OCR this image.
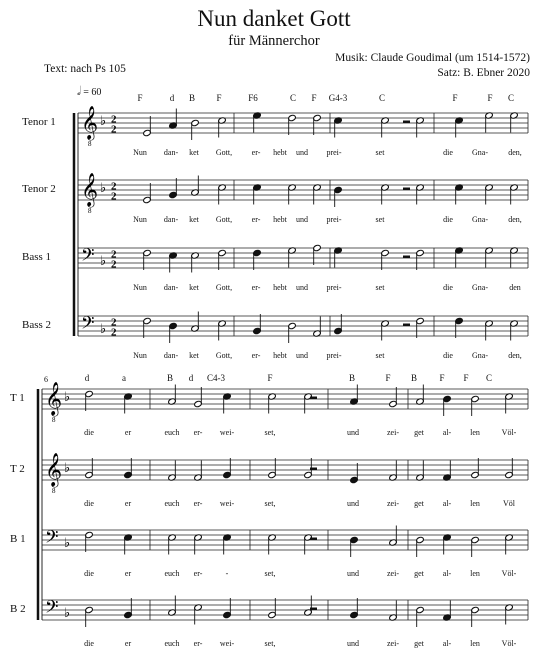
Nun danket Gott
für Männerchor
Musik: Claude Goudimal (um 1514-1572)
Satz: B. Ebner 2020
Text: nach Ps 105
𝅗𝅥 = 60
𝄞
8
♭ 2
2
𝄞
8
♭ 2
2
𝄢 ♭ 2
2
𝄢 ♭ 2
2
𝄞
8
♭
𝄞
8
♭
𝄢 ♭
𝄢 ♭
Tenor 1
Nun dan- ket Gott, er- hebt und prei-	set	die Gna-	den,
Tenor 2
Nun dan- ket Gott, er- hebt und prei-	set	die Gna-	den,
Bass 1
Nun dan- ket Gott, er- hebt und prei-	set	die Gna-	den
Bass 2
Nun dan- ket Gott, er- hebt und prei-	set	die Gna-	den,
F	d B F	F6	C F G4-3	C	F	F C
6
T 1
die	er	euch er- wei-	set,	und	zei- get al- len	Völ-
T 2
die	er	euch er- wei-	set,	und	zei- get al- len	Völ
B 1
die	er	euch er-	-	set,	und	zei- get al- len	Völ-
B 2
die	er	euch er- wei-	set,	und	zei- get al- len	Völ-
d	a	B d C4-3	F	B	F B F F C
